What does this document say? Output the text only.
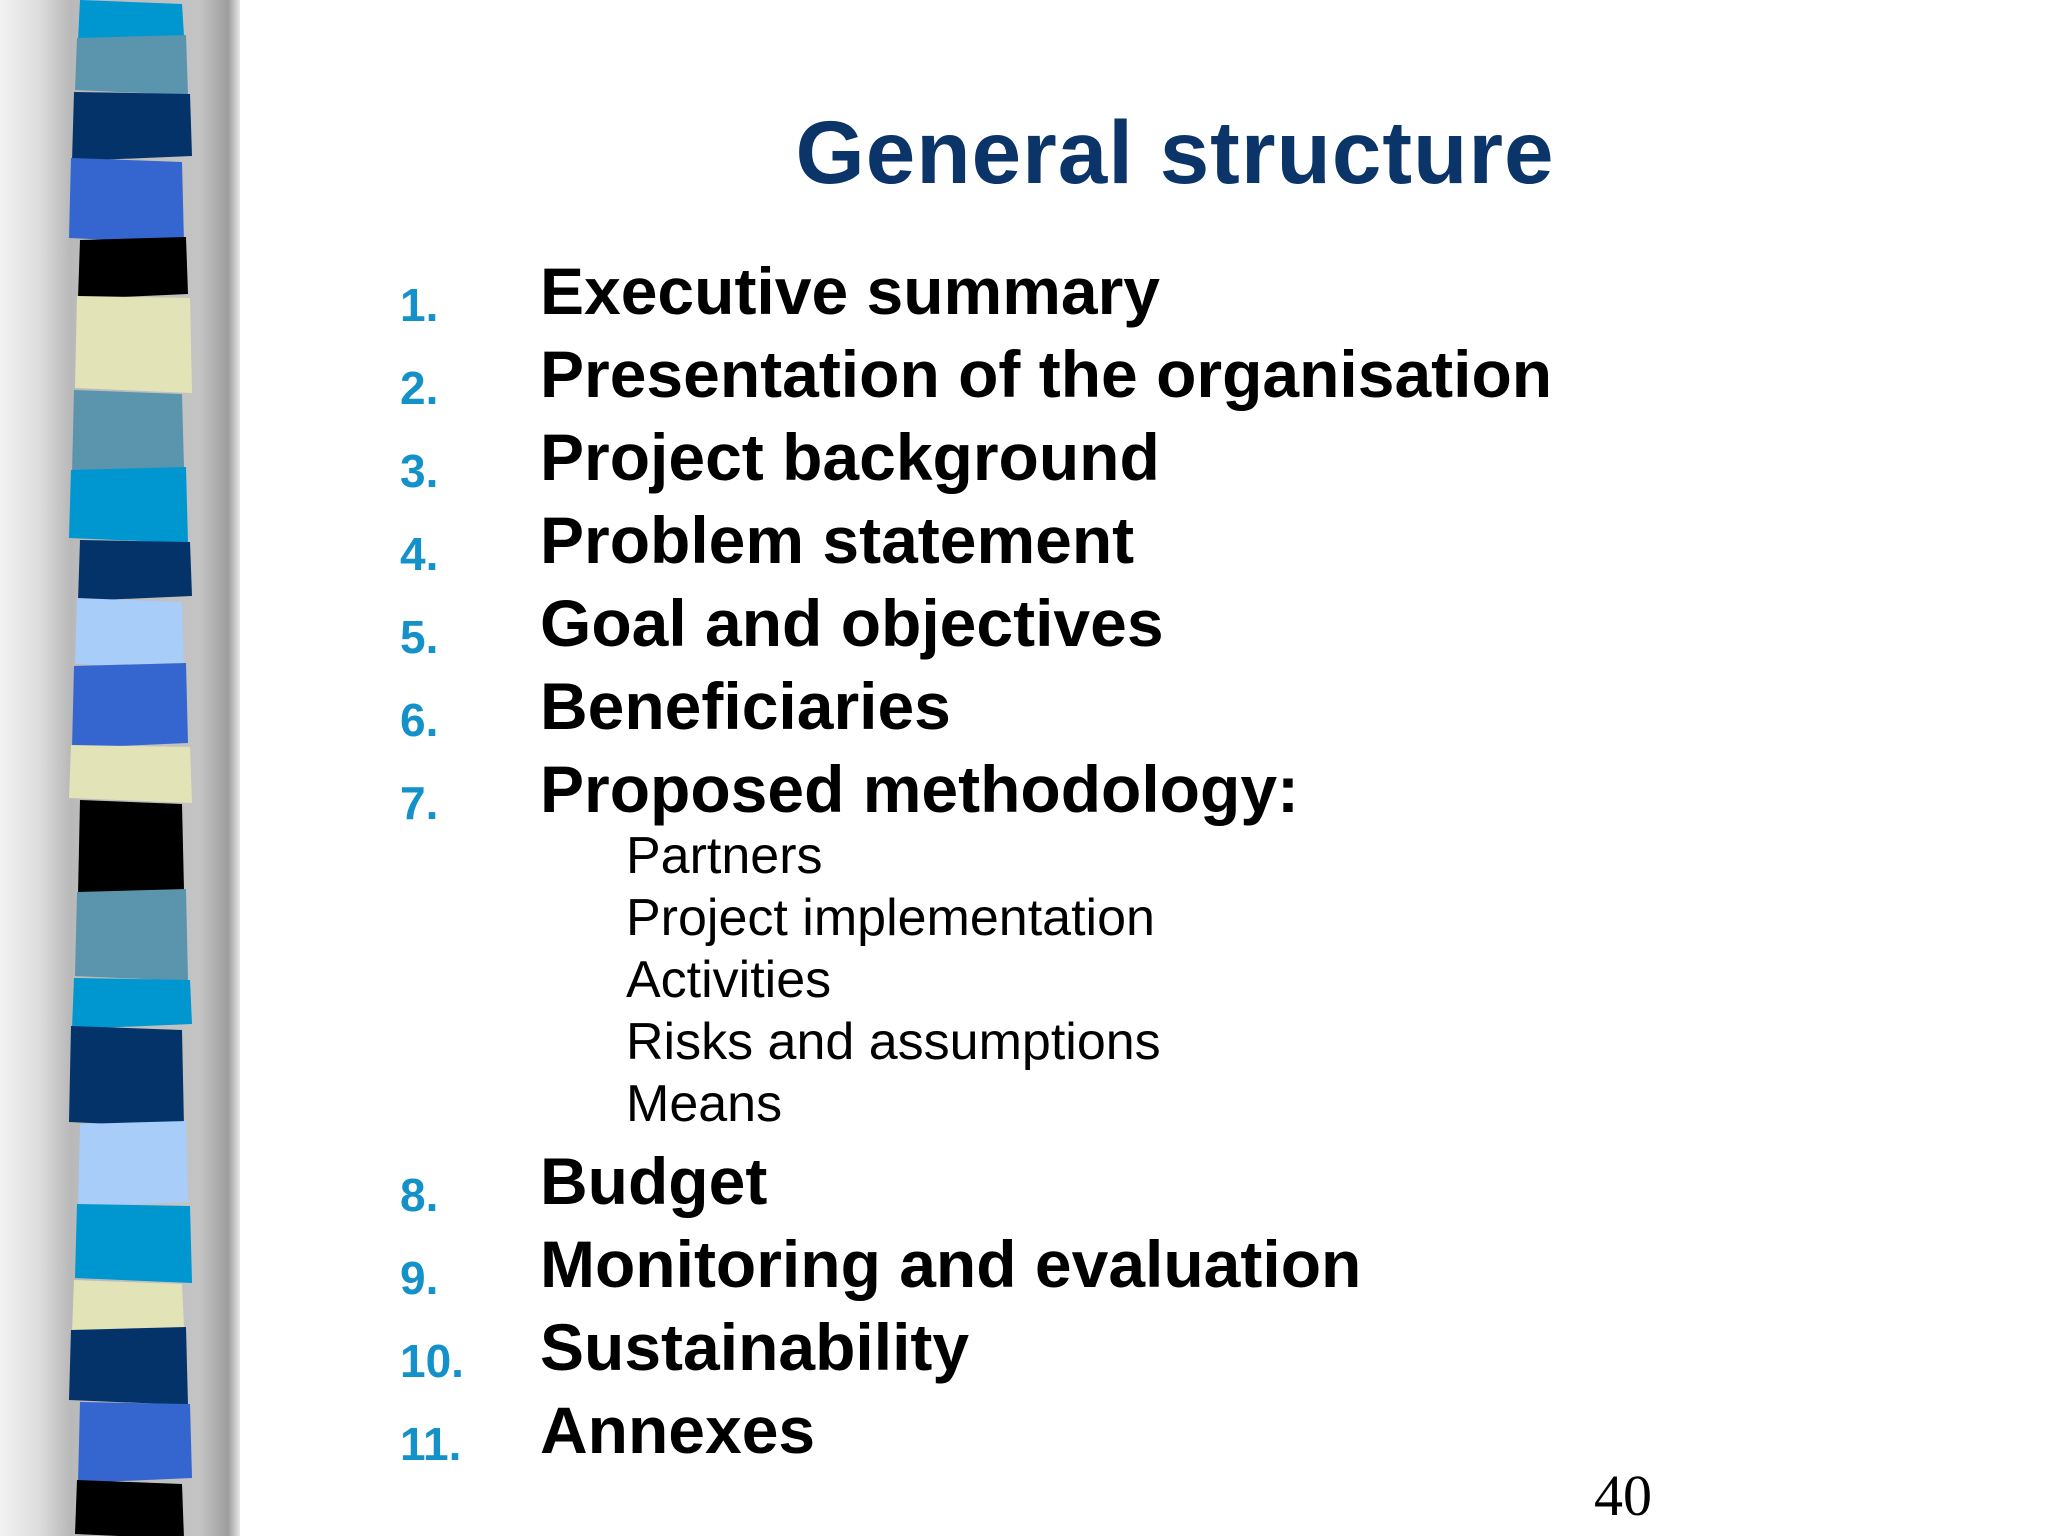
General structure
1. Executive summary
2. Presentation of the organisation
3. Project background
4. Problem statement
5. Goal and objectives
6. Beneficiaries
7. Proposed methodology:
Partners
Project implementation
Activities
Risks and assumptions
Means
8. Budget
9. Monitoring and evaluation
10. Sustainability
11. Annexes
40
